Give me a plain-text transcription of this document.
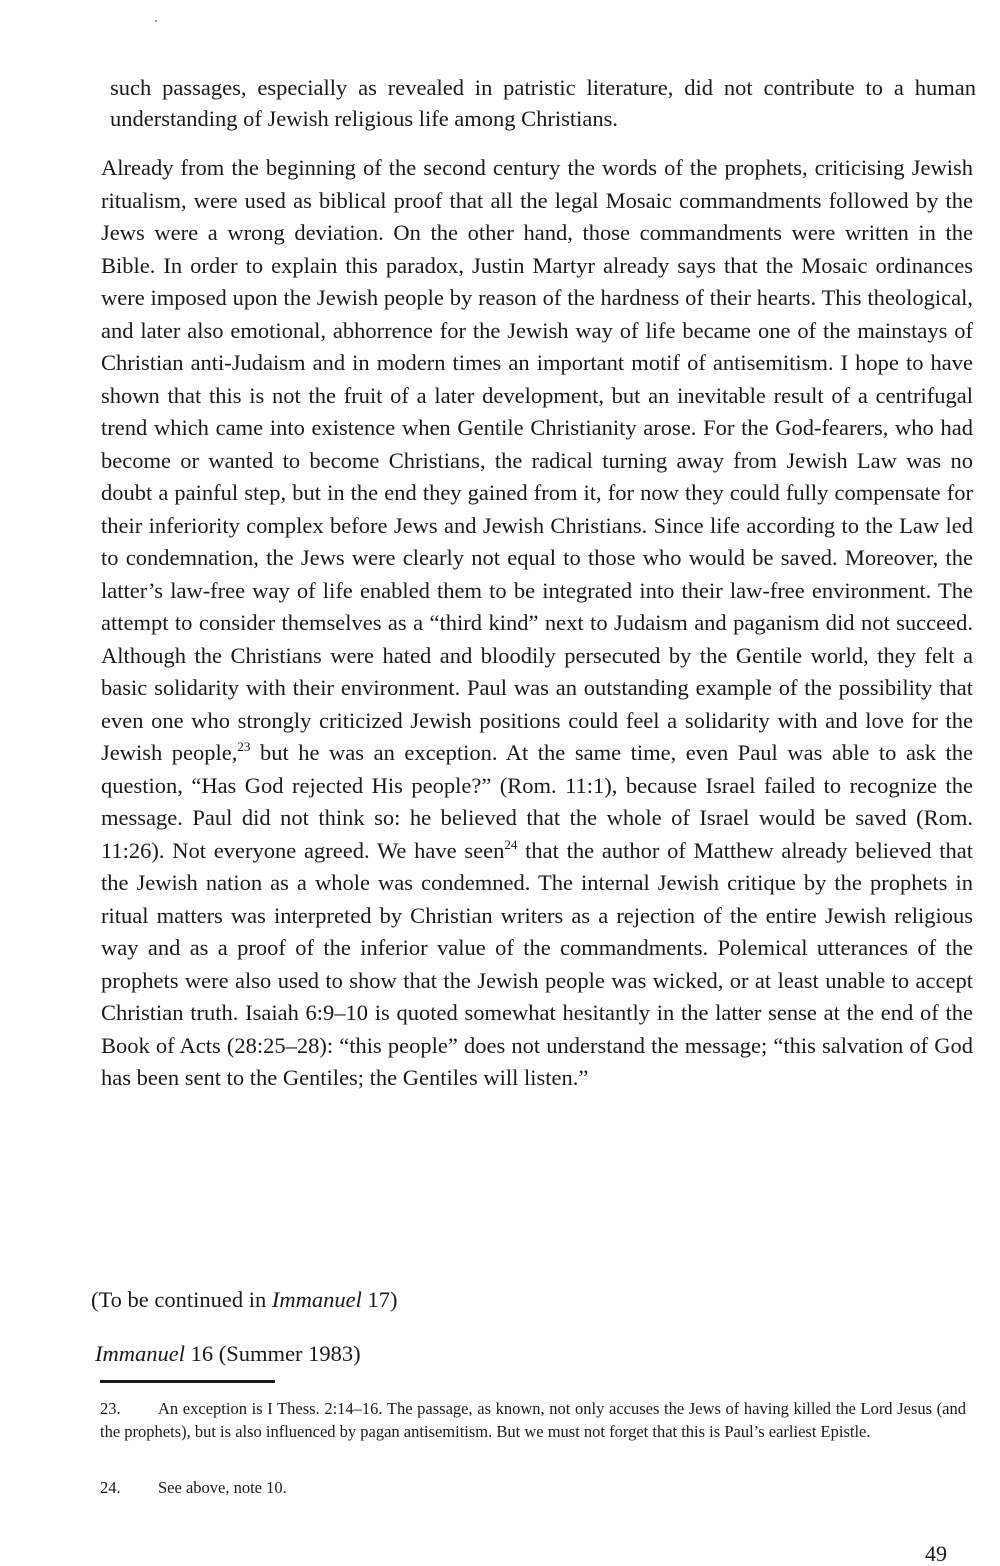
such passages, especially as revealed in patristic literature, did not contribute to a human understanding of Jewish religious life among Christians.

Already from the beginning of the second century the words of the prophets, criticising Jewish ritualism, were used as biblical proof that all the legal Mosaic commandments followed by the Jews were a wrong deviation. On the other hand, those commandments were written in the Bible. In order to explain this paradox, Justin Martyr already says that the Mosaic ordinances were imposed upon the Jewish people by reason of the hardness of their hearts. This theological, and later also emotional, abhorrence for the Jewish way of life became one of the mainstays of Christian anti-Judaism and in modern times an important motif of antisemitism. I hope to have shown that this is not the fruit of a later development, but an inevitable result of a centrifugal trend which came into existence when Gentile Christianity arose. For the God-fearers, who had become or wanted to become Christians, the radical turning away from Jewish Law was no doubt a painful step, but in the end they gained from it, for now they could fully compensate for their inferiority complex before Jews and Jewish Christians. Since life according to the Law led to condemnation, the Jews were clearly not equal to those who would be saved. Moreover, the latter’s law-free way of life enabled them to be integrated into their law-free environment. The attempt to consider themselves as a “third kind” next to Judaism and paganism did not succeed. Although the Christians were hated and bloodily persecuted by the Gentile world, they felt a basic solidarity with their environment. Paul was an outstanding example of the possibility that even one who strongly criticized Jewish positions could feel a solidarity with and love for the Jewish people,$^{23}$ but he was an exception. At the same time, even Paul was able to ask the question, “Has God rejected His people?” (Rom. 11:1), because Israel failed to recognize the message. Paul did not think so: he believed that the whole of Israel would be saved (Rom. 11:26). Not everyone agreed. We have seen$^{24}$ that the author of Matthew already believed that the Jewish nation as a whole was condemned. The internal Jewish critique by the prophets in ritual matters was interpreted by Christian writers as a rejection of the entire Jewish religious way and as a proof of the inferior value of the commandments. Polemical utterances of the prophets were also used to show that the Jewish people was wicked, or at least unable to accept Christian truth. Isaiah 6:9–10 is quoted somewhat hesitantly in the latter sense at the end of the Book of Acts (28:25–28): “this people” does not understand the message; “this salvation of God has been sent to the Gentiles; the Gentiles will listen.”

(To be continued in Immanuel 17)

Immanuel 16 (Summer 1983)

23. An exception is I Thess. 2:14–16. The passage, as known, not only accuses the Jews of having killed the Lord Jesus (and the prophets), but is also influenced by pagan antisemitism. But we must not forget that this is Paul’s earliest Epistle.

24. See above, note 10.

49
